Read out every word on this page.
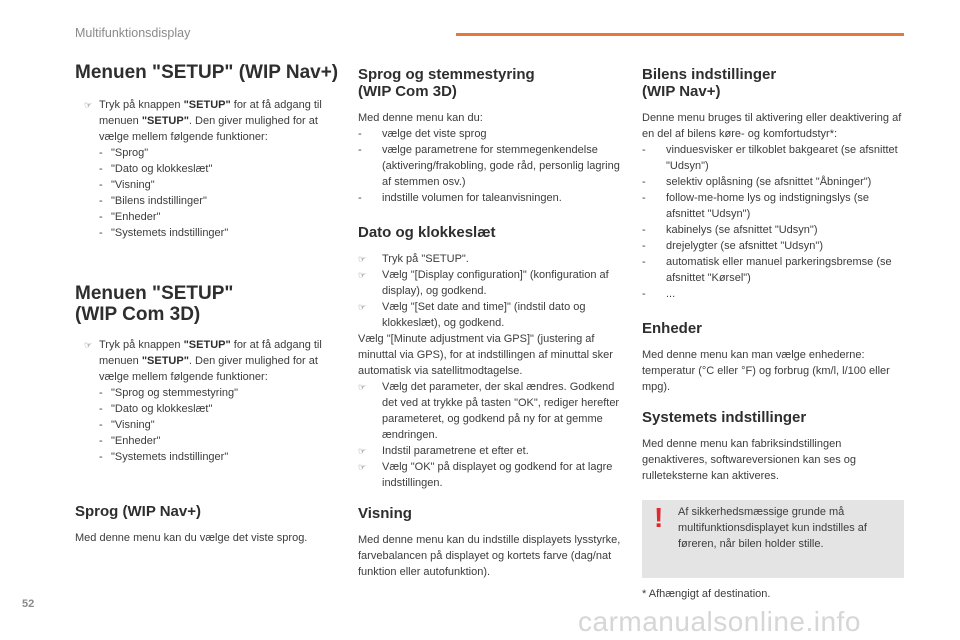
Multifunktionsdisplay
Menuen "SETUP" (WIP Nav+)
☞ Tryk på knappen "SETUP" for at få adgang til menuen "SETUP". Den giver mulighed for at vælge mellem følgende funktioner:
- "Sprog"
- "Dato og klokkeslæt"
- "Visning"
- "Bilens indstillinger"
- "Enheder"
- "Systemets indstillinger"
Menuen "SETUP"
(WIP Com 3D)
☞ Tryk på knappen "SETUP" for at få adgang til menuen "SETUP". Den giver mulighed for at vælge mellem følgende funktioner:
- "Sprog og stemmestyring"
- "Dato og klokkeslæt"
- "Visning"
- "Enheder"
- "Systemets indstillinger"
Sprog (WIP Nav+)

Med denne menu kan du vælge det viste sprog.

Sprog og stemmestyring
(WIP Com 3D)

Med denne menu kan du:

- vælge det viste sprog
- vælge parametrene for stemmegenkendelse (aktivering/frakobling, gode råd, personlig lagring af stemmen osv.)
- indstille volumen for taleanvisningen.
Dato og klokkeslæt
☞ Tryk på "SETUP".
☞ Vælg "[Display configuration]" (konfiguration af display), og godkend.
☞ Vælg "[Set date and time]" (indstil dato og klokkeslæt), og godkend.

Vælg "[Minute adjustment via GPS]" (justering af minuttal via GPS), for at indstillingen af minuttal sker automatisk via satellitmodtagelse.

☞ Vælg det parameter, der skal ændres. Godkend det ved at trykke på tasten "OK", rediger herefter parameteret, og godkend på ny for at gemme ændringen.
☞ Indstil parametrene et efter et.
☞ Vælg "OK" på displayet og godkend for at lagre indstillingen.
Visning

Med denne menu kan du indstille displayets lysstyrke, farvebalancen på displayet og kortets farve (dag/nat funktion eller autofunktion).

Bilens indstillinger
(WIP Nav+)

Denne menu bruges til aktivering eller deaktivering af en del af bilens køre- og komfortudstyr*:

- vinduesvisker er tilkoblet bakgearet (se afsnittet "Udsyn")
- selektiv oplåsning (se afsnittet "Åbninger")
- follow-me-home lys og indstigningslys (se afsnittet "Udsyn")
- kabinelys (se afsnittet "Udsyn")
- drejelygter (se afsnittet "Udsyn")
- automatisk eller manuel parkeringsbremse (se afsnittet "Kørsel")
- ...
Enheder

Med denne menu kan man vælge enhederne: temperatur (°C eller °F) og forbrug (km/l, l/100 eller mpg).

Systemets indstillinger

Med denne menu kan fabriksindstillingen genaktiveres, softwareversionen kan ses og rulleteksterne kan aktiveres.

! Af sikkerhedsmæssige grunde må multifunktionsdisplayet kun indstilles af føreren, når bilen holder stille.
* Afhængigt af destination.
52
carmanualsonline.info
